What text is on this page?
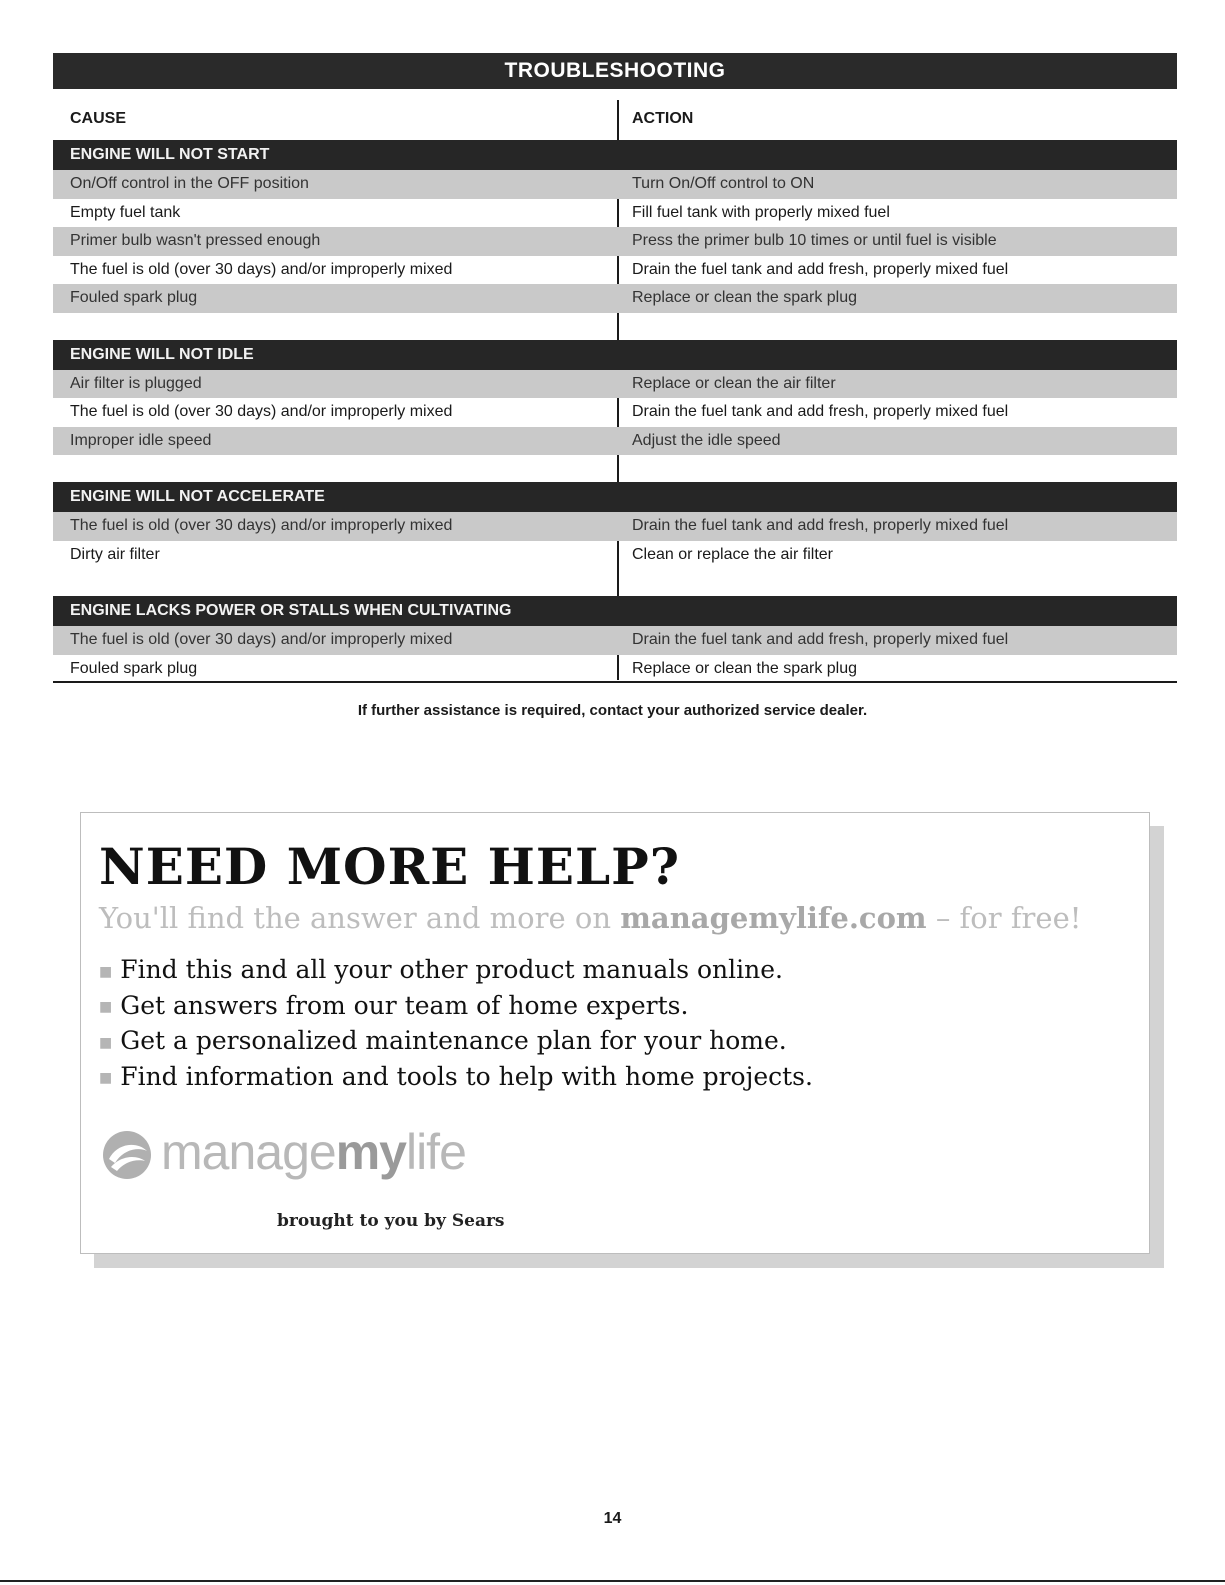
TROUBLESHOOTING
CAUSE	ACTION
ENGINE WILL NOT START
On/Off control in the OFF position	Turn On/Off control to ON
Empty fuel tank	Fill fuel tank with properly mixed fuel
Primer bulb wasn't pressed enough	Press the primer bulb 10 times or until fuel is visible
The fuel is old (over 30 days) and/or improperly mixed	Drain the fuel tank and add fresh, properly mixed fuel
Fouled spark plug	Replace or clean the spark plug
ENGINE WILL NOT IDLE
Air filter is plugged	Replace or clean the air filter
The fuel is old (over 30 days) and/or improperly mixed	Drain the fuel tank and add fresh, properly mixed fuel
Improper idle speed	Adjust the idle speed
ENGINE WILL NOT ACCELERATE
The fuel is old (over 30 days) and/or improperly mixed	Drain the fuel tank and add fresh, properly mixed fuel
Dirty air filter	Clean or replace the air filter
ENGINE LACKS POWER OR STALLS WHEN CULTIVATING
The fuel is old (over 30 days) and/or improperly mixed	Drain the fuel tank and add fresh, properly mixed fuel
Fouled spark plug	Replace or clean the spark plug
If further assistance is required, contact your authorized service dealer.
NEED MORE HELP?
You'll find the answer and more on managemylife.com – for free!
■ Find this and all your other product manuals online.
■ Get answers from our team of home experts.
■ Get a personalized maintenance plan for your home.
■ Find information and tools to help with home projects.
managemylife
brought to you by Sears
14
